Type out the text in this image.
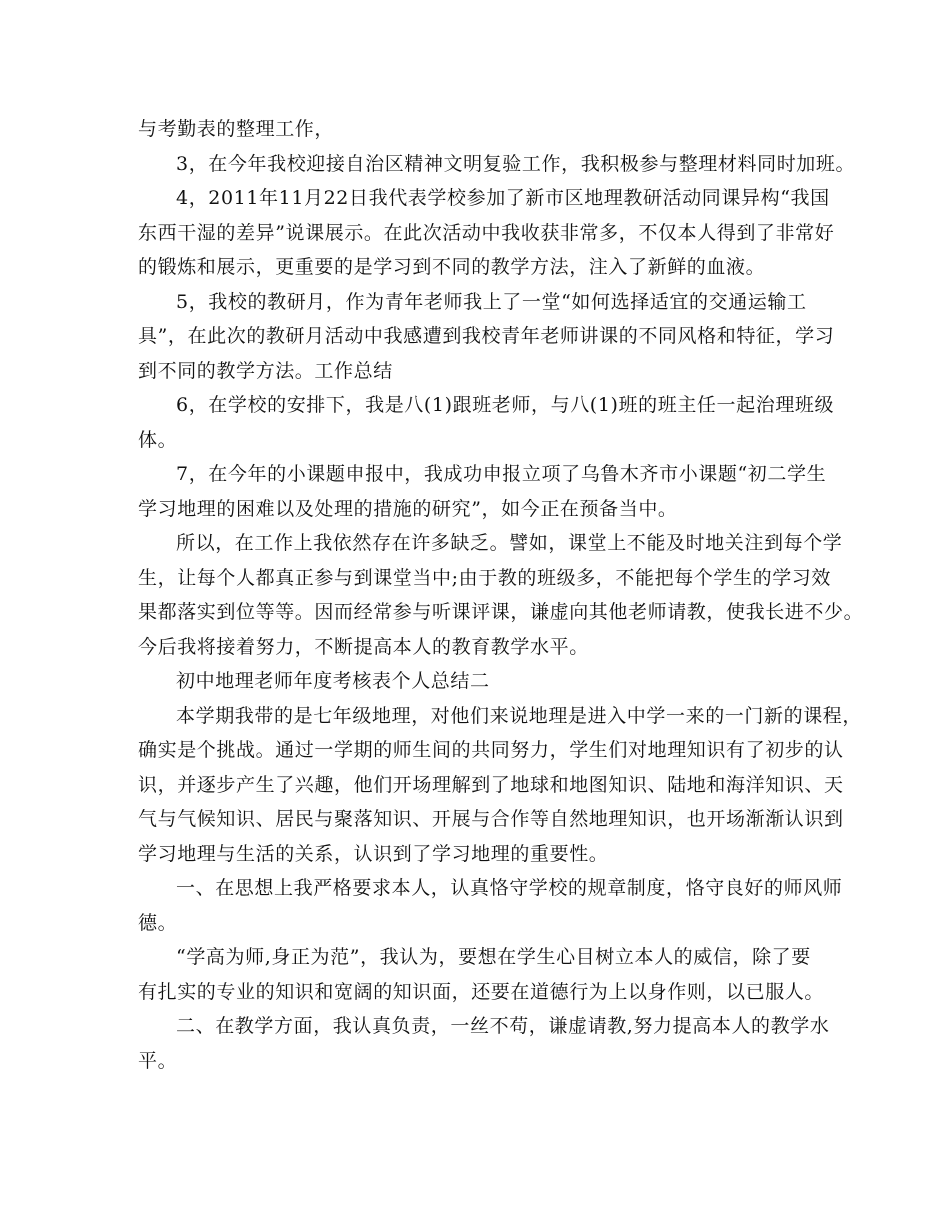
与考勤表的整理工作，
3，在今年我校迎接自治区精神文明复验工作，我积极参与整理材料同时加班。
4，2011年11月22日我代表学校参加了新市区地理教研活动同课异构“我国
东西干湿的差异”说课展示。在此次活动中我收获非常多，不仅本人得到了非常好
的锻炼和展示，更重要的是学习到不同的教学方法，注入了新鲜的血液。
5，我校的教研月，作为青年老师我上了一堂“如何选择适宜的交通运输工
具”，在此次的教研月活动中我感遭到我校青年老师讲课的不同风格和特征，学习
到不同的教学方法。工作总结
6，在学校的安排下，我是八(1)跟班老师，与八(1)班的班主任一起治理班级
体。
7，在今年的小课题申报中，我成功申报立项了乌鲁木齐市小课题“初二学生
学习地理的困难以及处理的措施的研究”，如今正在预备当中。
所以，在工作上我依然存在许多缺乏。譬如，课堂上不能及时地关注到每个学
生，让每个人都真正参与到课堂当中;由于教的班级多，不能把每个学生的学习效
果都落实到位等等。因而经常参与听课评课，谦虚向其他老师请教，使我长进不少。
今后我将接着努力，不断提高本人的教育教学水平。
初中地理老师年度考核表个人总结二
本学期我带的是七年级地理，对他们来说地理是进入中学一来的一门新的课程，
确实是个挑战。通过一学期的师生间的共同努力，学生们对地理知识有了初步的认
识，并逐步产生了兴趣，他们开场理解到了地球和地图知识、陆地和海洋知识、天
气与气候知识、居民与聚落知识、开展与合作等自然地理知识，也开场渐渐认识到
学习地理与生活的关系，认识到了学习地理的重要性。
一、在思想上我严格要求本人，认真恪守学校的规章制度，恪守良好的师风师
德。
“学高为师,身正为范”，我认为，要想在学生心目树立本人的威信，除了要
有扎实的专业的知识和宽阔的知识面，还要在道德行为上以身作则，以已服人。
二、在教学方面，我认真负责，一丝不苟，谦虚请教,努力提高本人的教学水
平。
